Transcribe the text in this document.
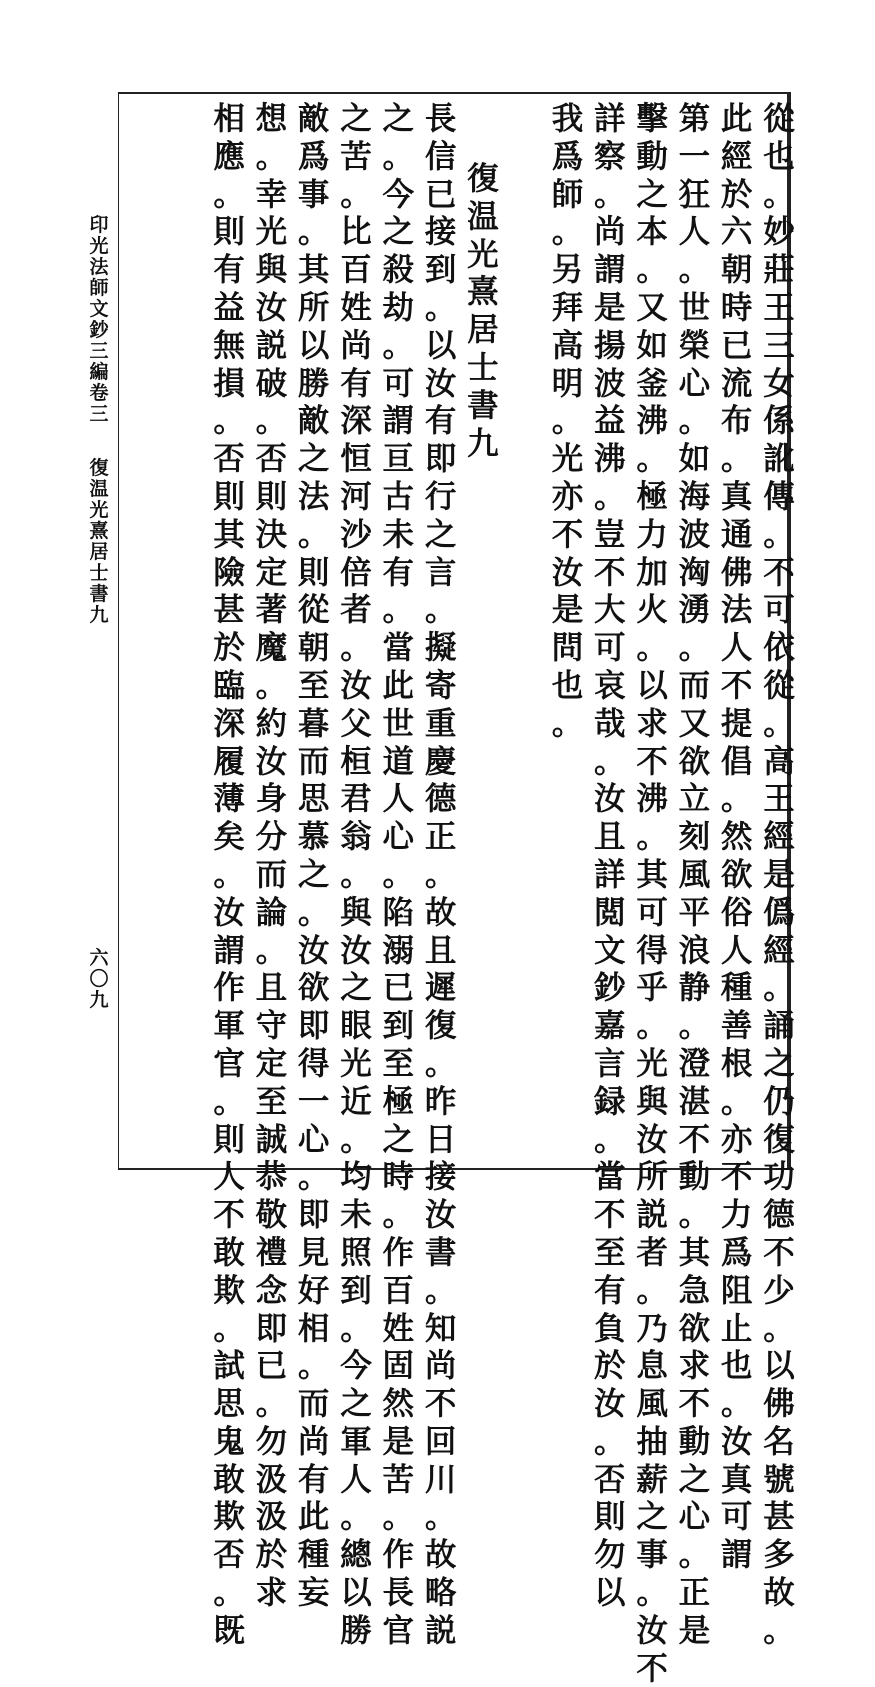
從
也
。
妙
莊
王
三
女
係
訛
傳
。
不
可
依
從
。
高
王
經
是
僞
經
。
誦
之
仍
復
功
德
不
少
。
以
佛
名
號
甚
多
故
。
此
經
於
六
朝
時
已
流
布
。
真
通
佛
法
人
不
提
倡
。
然
欲
俗
人
種
善
根
。
亦
不
力
爲
阻
止
也
。
汝
真
可
謂
第
一
狂
人
。
世
榮
心
。
如
海
波
洶
湧
。
而
又
欲
立
刻
風
平
浪
静
。
澄
湛
不
動
。
其
急
欲
求
不
動
之
心
。
正
是
擊
動
之
本
。
又
如
釜
沸
。
極
力
加
火
。
以
求
不
沸
。
其
可
得
乎
。
光
與
汝
所
説
者
。
乃
息
風
抽
薪
之
事
。
汝
不
詳
察
。
尚
謂
是
揚
波
益
沸
。
豈
不
大
可
哀
哉
。
汝
且
詳
閲
文
鈔
嘉
言
録
。
當
不
至
有
負
於
汝
。
否
則
勿
以
我
爲
師
。
另
拜
高
明
。
光
亦
不
汝
是
問
也
。
復
温
光
熹
居
士
書
九
長
信
已
接
到
。
以
汝
有
即
行
之
言
。
擬
寄
重
慶
德
正
。
故
且
遲
復
。
昨
日
接
汝
書
。
知
尚
不
回
川
。
故
略
説
之
。
今
之
殺
劫
。
可
謂
亘
古
未
有
。
當
此
世
道
人
心
。
陷
溺
已
到
至
極
之
時
。
作
百
姓
固
然
是
苦
。
作
長
官
之
苦
。
比
百
姓
尚
有
深
恒
河
沙
倍
者
。
汝
父
桓
君
翁
。
與
汝
之
眼
光
近
。
均
未
照
到
。
今
之
軍
人
。
總
以
勝
敵
爲
事
。
其
所
以
勝
敵
之
法
。
則
從
朝
至
暮
而
思
慕
之
。
汝
欲
即
得
一
心
。
即
見
好
相
。
而
尚
有
此
種
妄
想
。
幸
光
與
汝
説
破
。
否
則
決
定
著
魔
。
約
汝
身
分
而
論
。
且
守
定
至
誠
恭
敬
禮
念
即
已
。
勿
汲
汲
於
求
相
應
。
則
有
益
無
損
。
否
則
其
險
甚
於
臨
深
履
薄
矣
。
汝
謂
作
軍
官
。
則
人
不
敢
欺
。
試
思
鬼
敢
欺
否
。
既
印
光
法
師
文
鈔
三
編
卷
三
復
温
光
熹
居
士
書
九
六
〇
九
